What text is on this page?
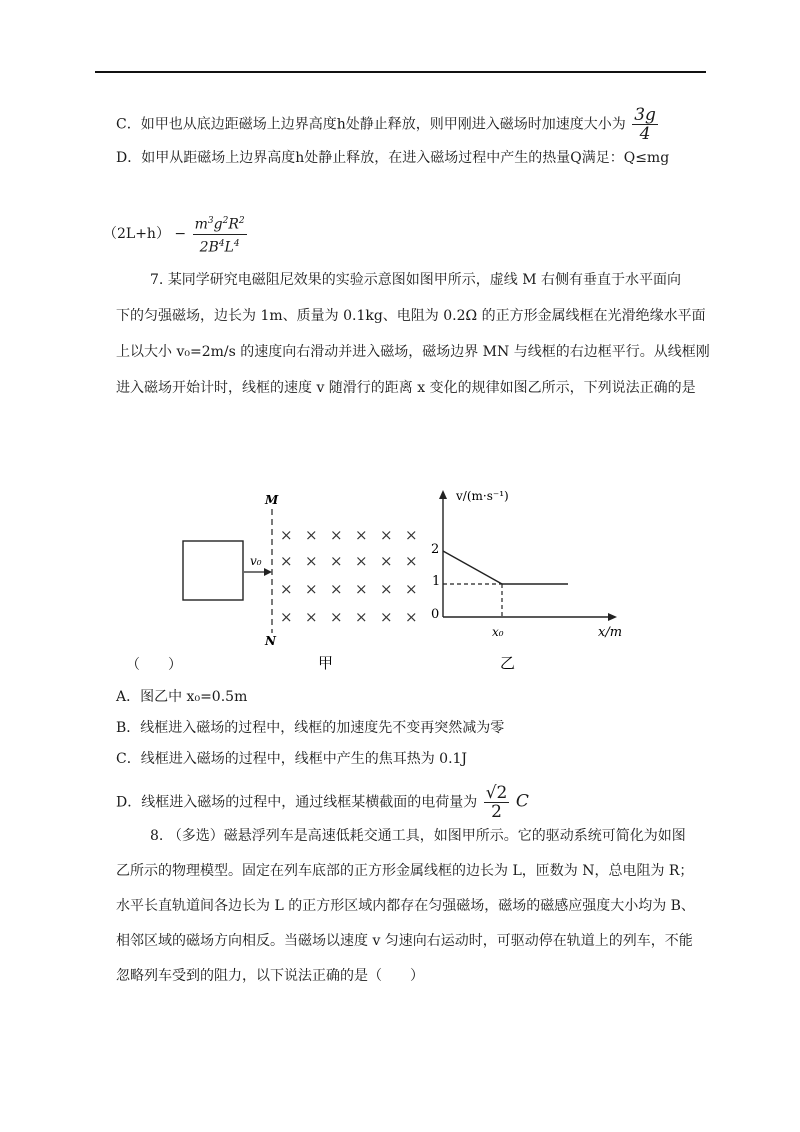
C．如甲也从底边距磁场上边界高度h处静止释放，则甲刚进入磁场时加速度大小为 $\frac{3g}{4}$
D．如甲从距磁场上边界高度h处静止释放，在进入磁场过程中产生的热量Q满足：Q≤mg
$(2L+h) - \frac{m^3g^2R^2}{2B^4L^4}$
7. 某同学研究电磁阻尼效果的实验示意图如图甲所示，虚线 M 右侧有垂直于水平面向
下的匀强磁场，边长为 1m、质量为 0.1kg、电阻为 0.2Ω 的正方形金属线框在光滑绝缘水平面
上以大小 v₀=2m/s 的速度向右滑动并进入磁场，磁场边界 MN 与线框的右边框平行。从线框刚
进入磁场开始计时，线框的速度 v 随滑行的距离 x 变化的规律如图乙所示，下列说法正确的是
v₀
M
N
× × × × × ×
× × × × × ×
× × × × × ×
× × × × × ×
甲
v/(m·s⁻¹)
x/m
2
1
0
x₀
乙
（　　）
A．图乙中 x₀=0.5m
B．线框进入磁场的过程中，线框的加速度先不变再突然减为零
C．线框进入磁场的过程中，线框中产生的焦耳热为 0.1J
D．线框进入磁场的过程中，通过线框某横截面的电荷量为 $\frac{√2}{2}$ C
8. （多选）磁悬浮列车是高速低耗交通工具，如图甲所示。它的驱动系统可简化为如图
乙所示的物理模型。固定在列车底部的正方形金属线框的边长为 L，匝数为 N，总电阻为 R；
水平长直轨道间各边长为 L 的正方形区域内都存在匀强磁场，磁场的磁感应强度大小均为 B、
相邻区域的磁场方向相反。当磁场以速度 v 匀速向右运动时，可驱动停在轨道上的列车，不能
忽略列车受到的阻力，以下说法正确的是（　　）
